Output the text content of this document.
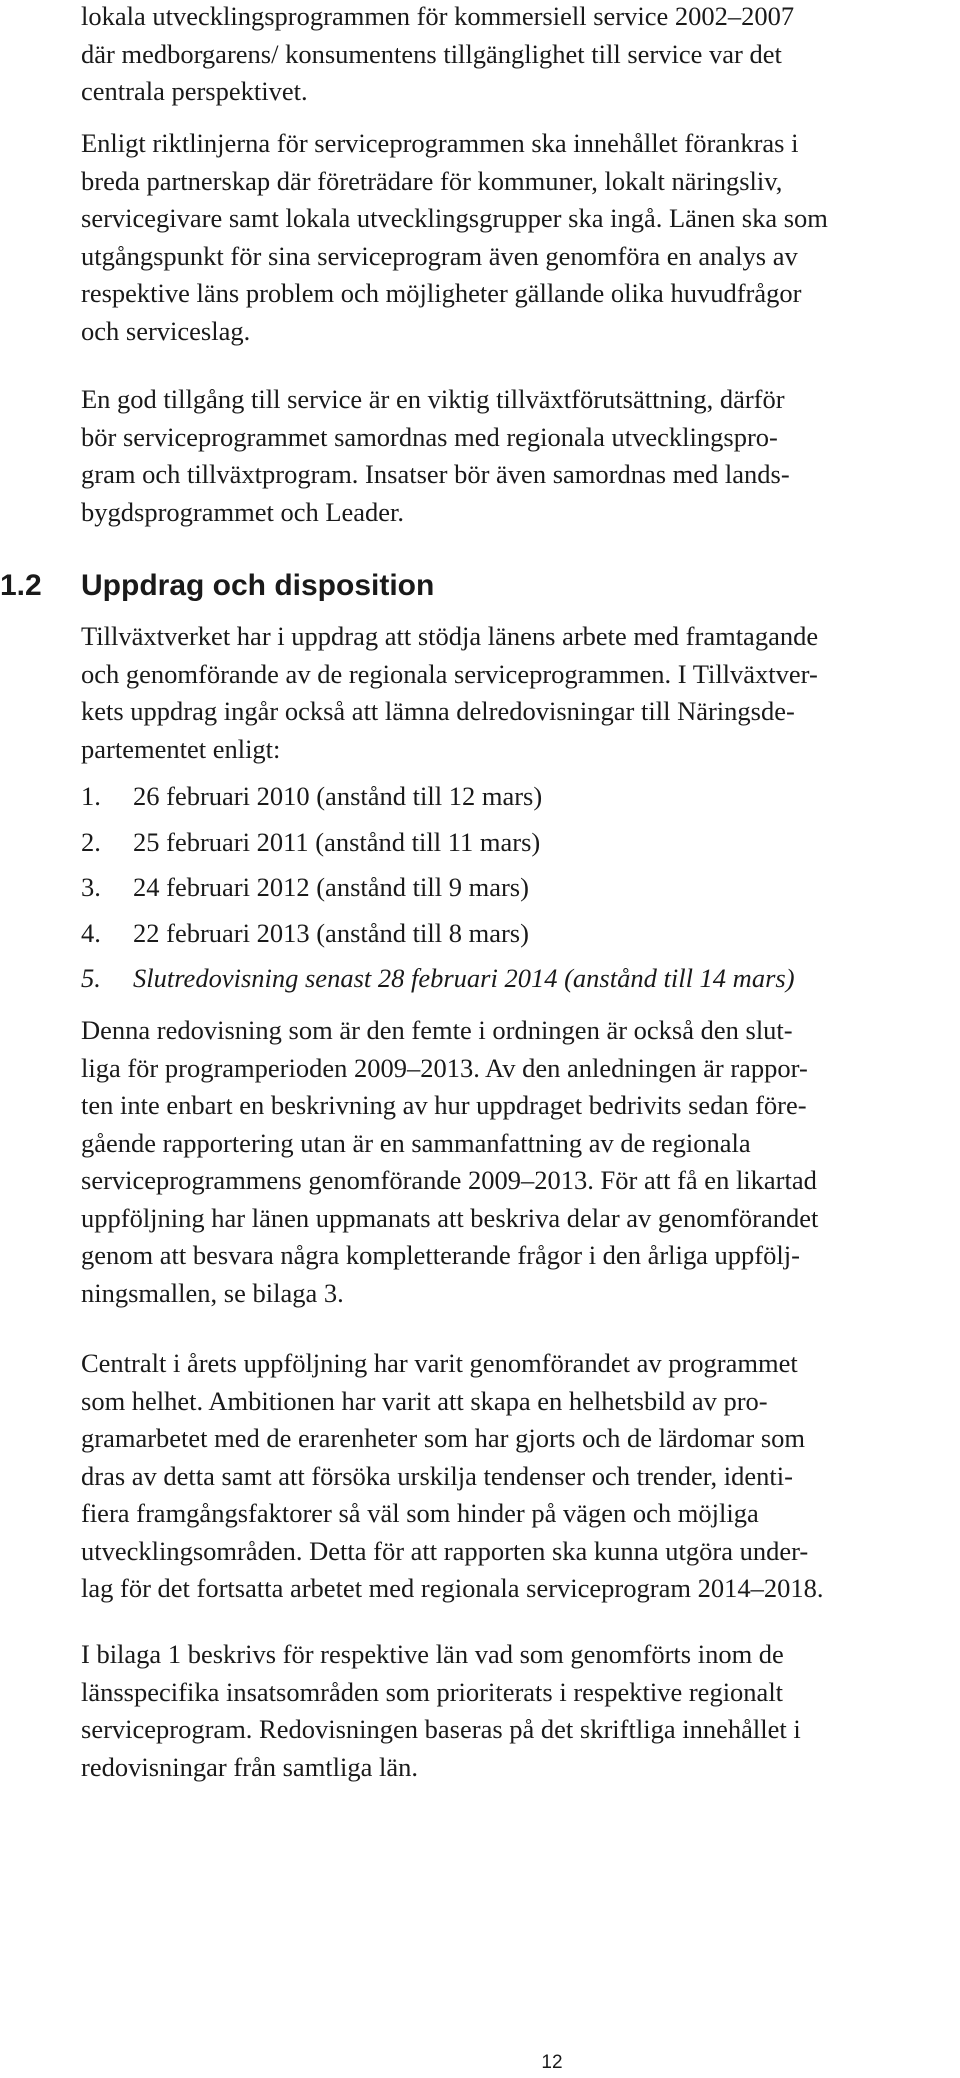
lokala utvecklingsprogrammen för kommersiell service 2002–2007
där medborgarens/ konsumentens tillgänglighet till service var det
centrala perspektivet.
Enligt riktlinjerna för serviceprogrammen ska innehållet förankras i
breda partnerskap där företrädare för kommuner, lokalt näringsliv,
servicegivare samt lokala utvecklingsgrupper ska ingå. Länen ska som
utgångspunkt för sina serviceprogram även genomföra en analys av
respektive läns problem och möjligheter gällande olika huvudfrågor
och serviceslag.
En god tillgång till service är en viktig tillväxtförutsättning, därför
bör serviceprogrammet samordnas med regionala utvecklingspro-
gram och tillväxtprogram. Insatser bör även samordnas med lands-
bygdsprogrammet och Leader.
1.2 Uppdrag och disposition
Tillväxtverket har i uppdrag att stödja länens arbete med framtagande
och genomförande av de regionala serviceprogrammen. I Tillväxtver-
kets uppdrag ingår också att lämna delredovisningar till Näringsde-
partementet enligt:
1. 26 februari 2010 (anstånd till 12 mars)
2. 25 februari 2011 (anstånd till 11 mars)
3. 24 februari 2012 (anstånd till 9 mars)
4. 22 februari 2013 (anstånd till 8 mars)
5. Slutredovisning senast 28 februari 2014 (anstånd till 14 mars)
Denna redovisning som är den femte i ordningen är också den slut-
liga för programperioden 2009–2013. Av den anledningen är rappor-
ten inte enbart en beskrivning av hur uppdraget bedrivits sedan före-
gående rapportering utan är en sammanfattning av de regionala
serviceprogrammens genomförande 2009–2013. För att få en likartad
uppföljning har länen uppmanats att beskriva delar av genomförandet
genom att besvara några kompletterande frågor i den årliga uppfölj-
ningsmallen, se bilaga 3.
Centralt i årets uppföljning har varit genomförandet av programmet
som helhet. Ambitionen har varit att skapa en helhetsbild av pro-
gramarbetet med de erarenheter som har gjorts och de lärdomar som
dras av detta samt att försöka urskilja tendenser och trender, identi-
fiera framgångsfaktorer så väl som hinder på vägen och möjliga
utvecklingsområden. Detta för att rapporten ska kunna utgöra under-
lag för det fortsatta arbetet med regionala serviceprogram 2014–2018.
I bilaga 1 beskrivs för respektive län vad som genomförts inom de
länsspecifika insatsområden som prioriterats i respektive regionalt
serviceprogram. Redovisningen baseras på det skriftliga innehållet i
redovisningar från samtliga län.
12
